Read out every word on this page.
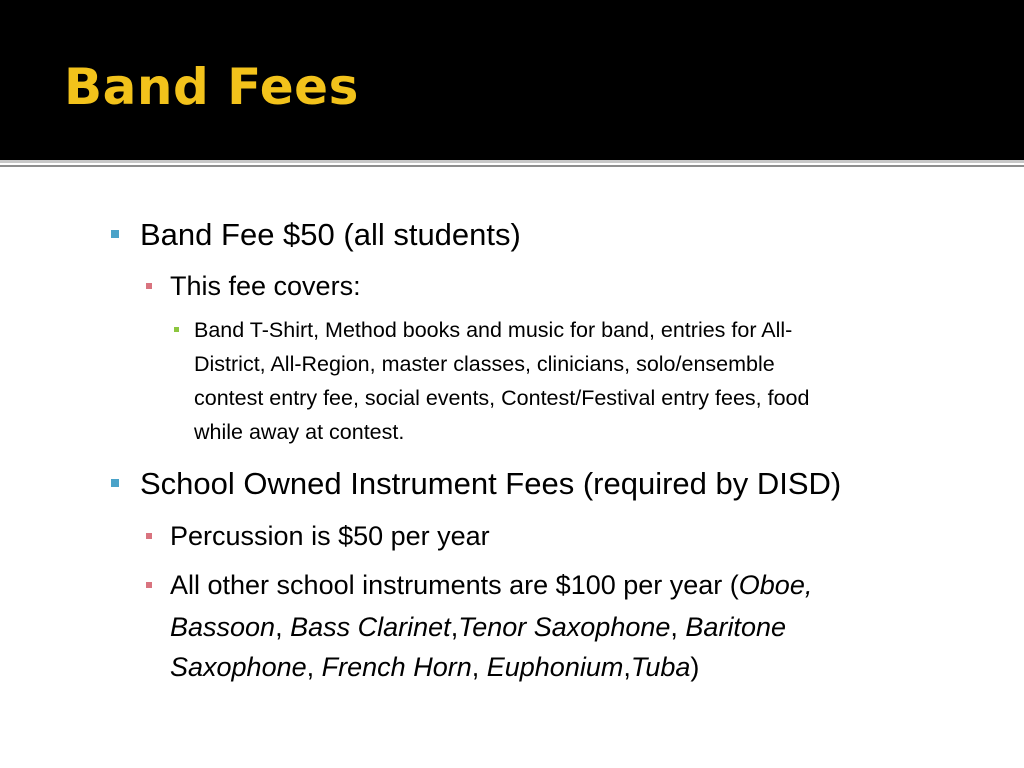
Band Fees
Band Fee $50 (all students)
This fee covers:
Band T-Shirt, Method books and music for band, entries for All-
District, All-Region, master classes, clinicians, solo/ensemble
contest entry fee, social events, Contest/Festival entry fees, food
while away at contest.
School Owned Instrument Fees (required by DISD)
Percussion is $50 per year
All other school instruments are $100 per year (Oboe,
Bassoon, Bass Clarinet,Tenor Saxophone, Baritone
Saxophone, French Horn, Euphonium,Tuba)
